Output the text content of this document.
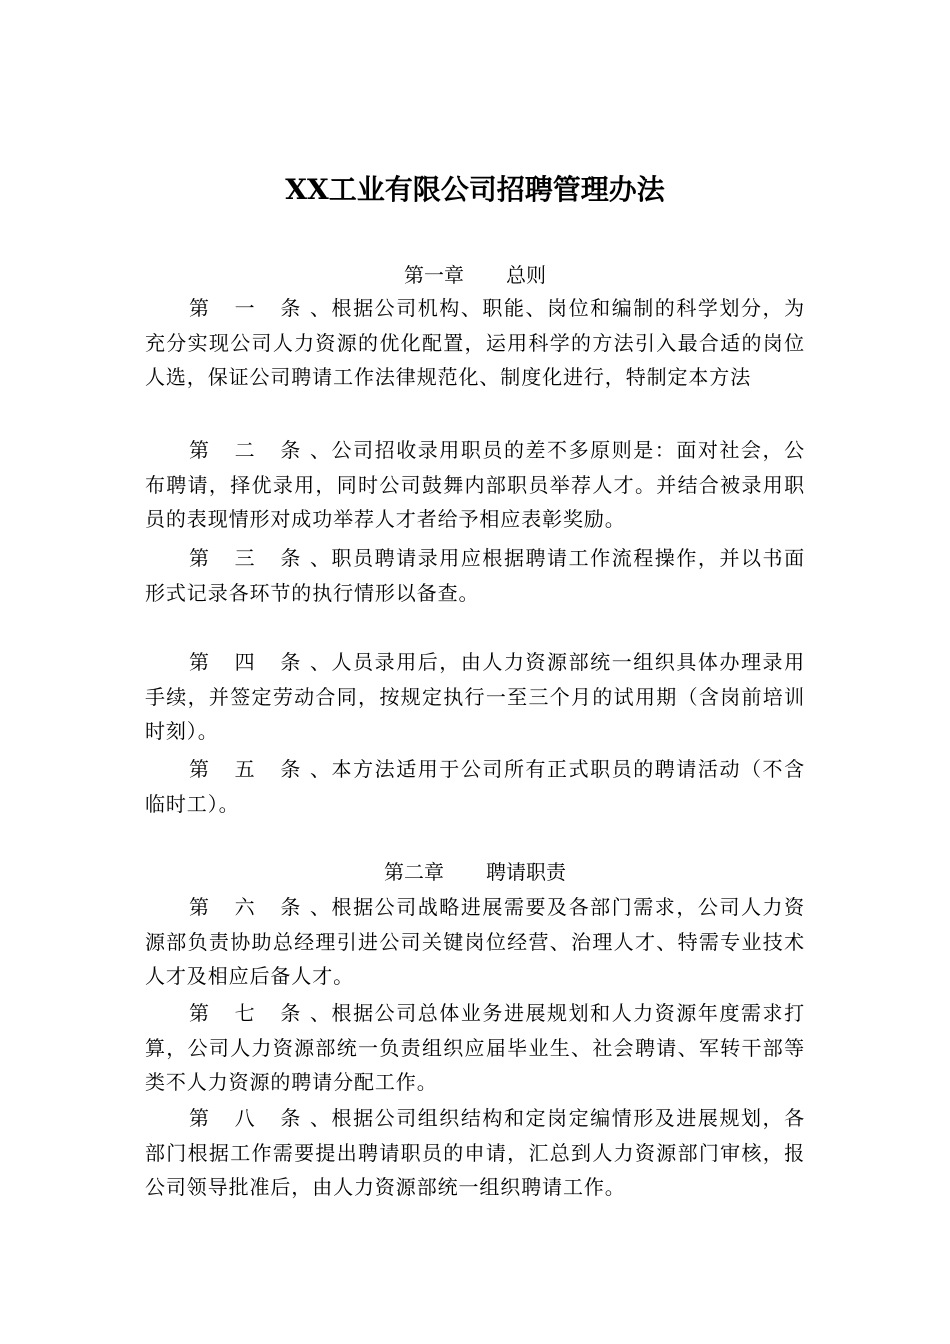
XX工业有限公司招聘管理办法
第一章 总则

第 一 条、根据公司机构、职能、岗位和编制的科学划分，为充分实现公司人力资源的优化配置，运用科学的方法引入最合适的岗位人选，保证公司聘请工作法律规范化、制度化进行，特制定本方法

第 二 条、公司招收录用职员的差不多原则是：面对社会，公布聘请，择优录用，同时公司鼓舞内部职员举荐人才。并结合被录用职员的表现情形对成功举荐人才者给予相应表彰奖励。

第 三 条、职员聘请录用应根据聘请工作流程操作，并以书面形式记录各环节的执行情形以备查。

第 四 条、人员录用后，由人力资源部统一组织具体办理录用手续，并签定劳动合同，按规定执行一至三个月的试用期（含岗前培训时刻）。

第 五 条、本方法适用于公司所有正式职员的聘请活动（不含临时工）。

第二章 聘请职责

第 六 条、根据公司战略进展需要及各部门需求，公司人力资源部负责协助总经理引进公司关键岗位经营、治理人才、特需专业技术人才及相应后备人才。

第 七 条、根据公司总体业务进展规划和人力资源年度需求打算，公司人力资源部统一负责组织应届毕业生、社会聘请、军转干部等类不人力资源的聘请分配工作。

第 八 条、根据公司组织结构和定岗定编情形及进展规划，各部门根据工作需要提出聘请职员的申请，汇总到人力资源部门审核，报公司领导批准后，由人力资源部统一组织聘请工作。
